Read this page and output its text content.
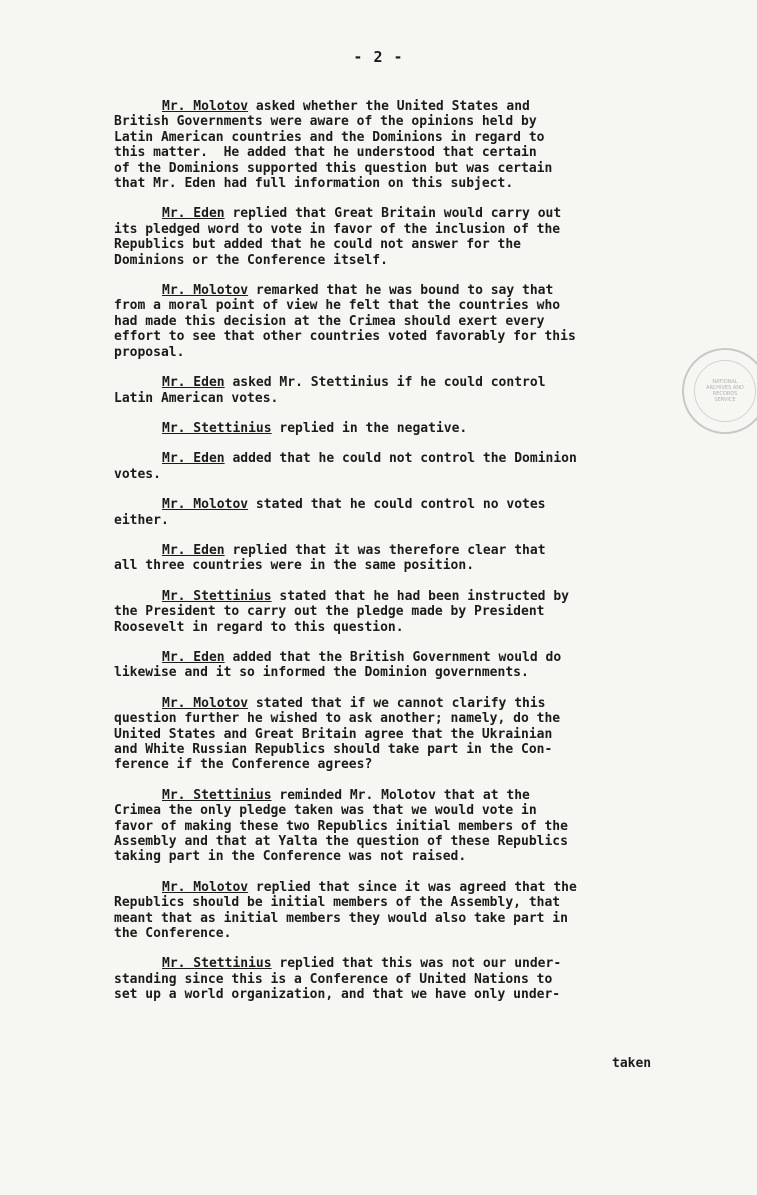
- 2 -
NATIONAL
ARCHIVES AND
RECORDS
SERVICE

Mr. Molotov asked whether the United States and
British Governments were aware of the opinions held by
Latin American countries and the Dominions in regard to
this matter.  He added that he understood that certain
of the Dominions supported this question but was certain
that Mr. Eden had full information on this subject.

Mr. Eden replied that Great Britain would carry out
its pledged word to vote in favor of the inclusion of the
Republics but added that he could not answer for the
Dominions or the Conference itself.

Mr. Molotov remarked that he was bound to say that
from a moral point of view he felt that the countries who
had made this decision at the Crimea should exert every
effort to see that other countries voted favorably for this
proposal.

Mr. Eden asked Mr. Stettinius if he could control
Latin American votes.

Mr. Stettinius replied in the negative.

Mr. Eden added that he could not control the Dominion
votes.

Mr. Molotov stated that he could control no votes
either.

Mr. Eden replied that it was therefore clear that
all three countries were in the same position.

Mr. Stettinius stated that he had been instructed by
the President to carry out the pledge made by President
Roosevelt in regard to this question.

Mr. Eden added that the British Government would do
likewise and it so informed the Dominion governments.

Mr. Molotov stated that if we cannot clarify this
question further he wished to ask another; namely, do the
United States and Great Britain agree that the Ukrainian
and White Russian Republics should take part in the Con-
ference if the Conference agrees?

Mr. Stettinius reminded Mr. Molotov that at the
Crimea the only pledge taken was that we would vote in
favor of making these two Republics initial members of the
Assembly and that at Yalta the question of these Republics
taking part in the Conference was not raised.

Mr. Molotov replied that since it was agreed that the
Republics should be initial members of the Assembly, that
meant that as initial members they would also take part in
the Conference.

Mr. Stettinius replied that this was not our under-
standing since this is a Conference of United Nations to
set up a world organization, and that we have only under-

taken
